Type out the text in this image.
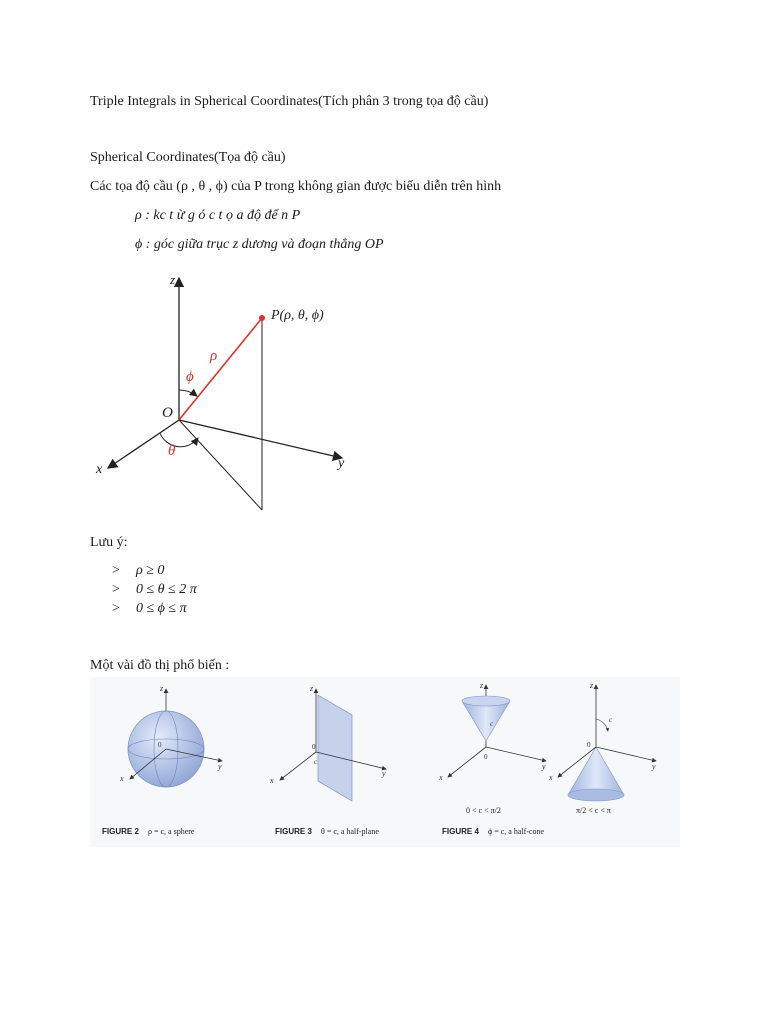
Triple Integrals in Spherical Coordinates(Tích phân 3 trong tọa độ cầu)
Spherical Coordinates(Tọa độ cầu)
Các tọa độ cầu (ρ , θ , ϕ) của P trong không gian được biểu diễn trên hình
ρ : kc t ừ g ó c t ọ a độ đế n P
ϕ : góc giữa trục z dương và đoạn thẳng OP
z
x	y
O
P(ρ, θ, ϕ)
ρ
ϕ
θ
Lưu ý:
> ρ ≥ 0
> 0 ≤ θ ≤ 2 π
> 0 ≤ ϕ ≤ π
Một vài đồ thị phổ biến :
z
x
y
0
FIGURE 2 ρ = c, a sphere
z
x
y
0
c
FIGURE 3 θ = c, a half-plane
z
x
y
0
c
0 < c < π/2
z
x
y
0
c
π/2 < c < π
FIGURE 4 ϕ = c, a half-cone
